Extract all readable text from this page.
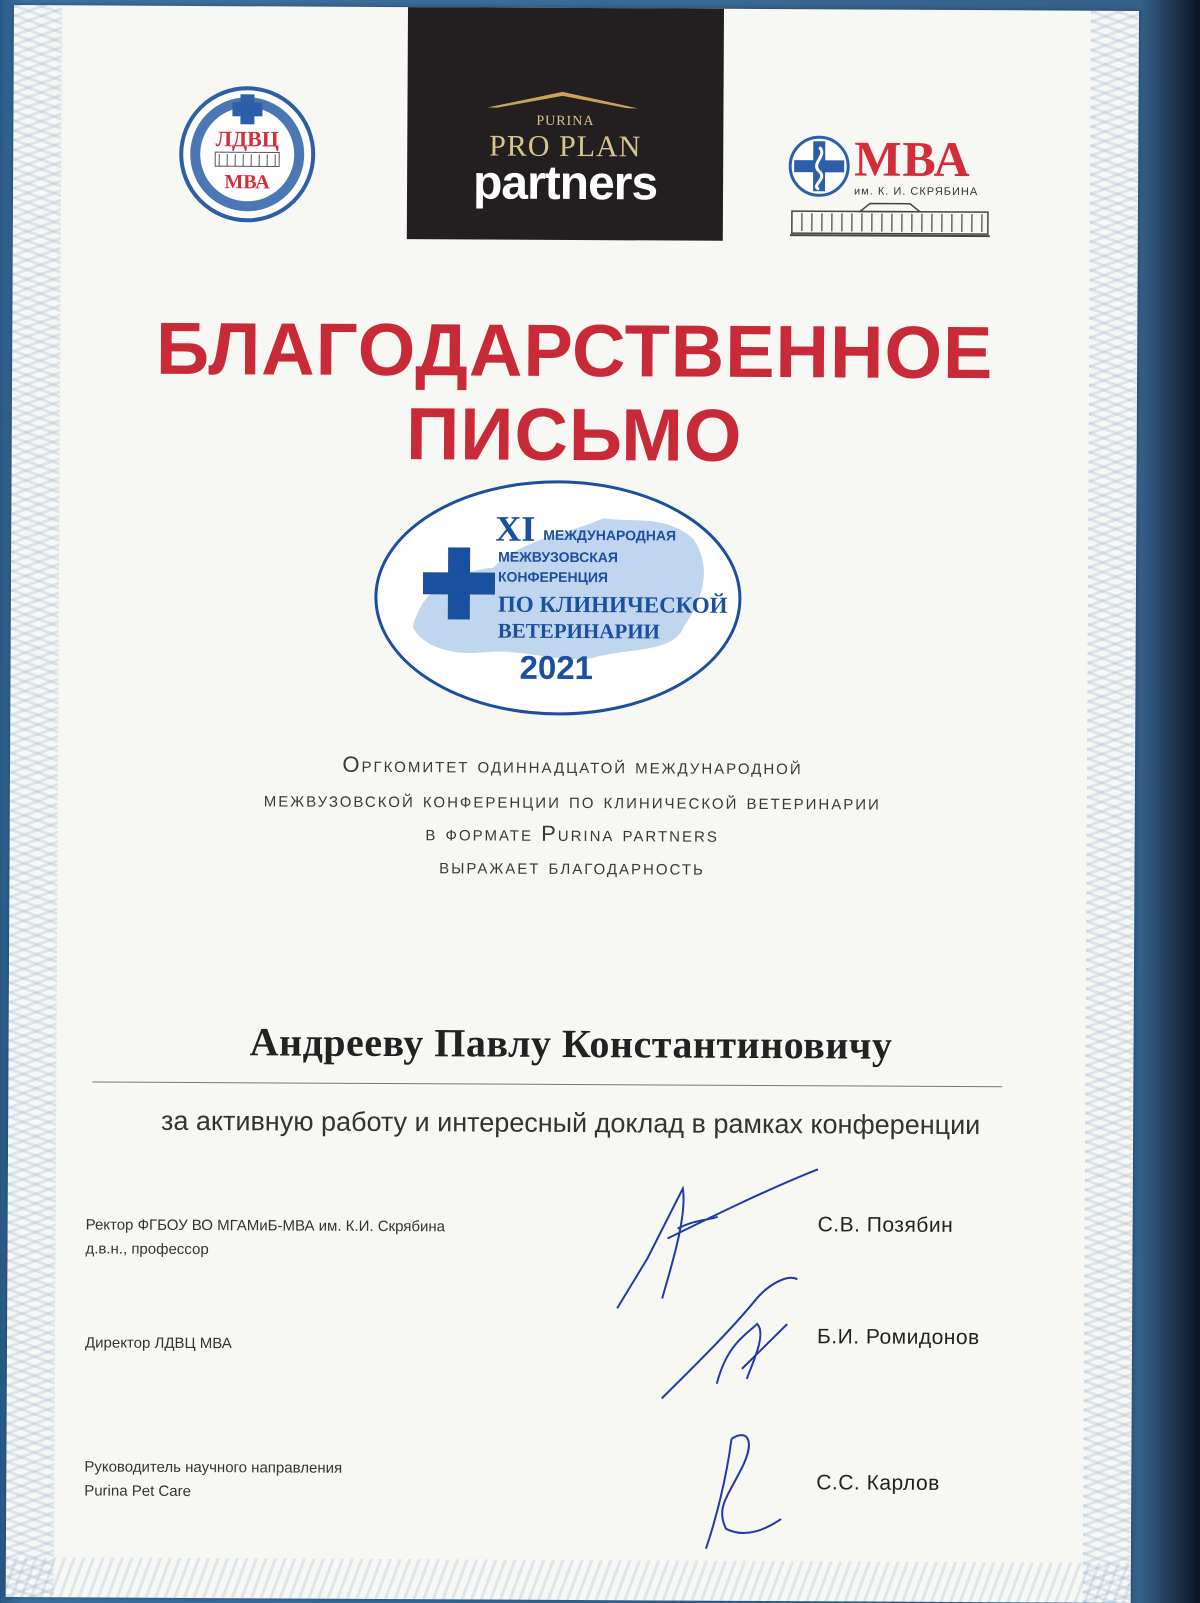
PURINA
PRO PLAN
partners
ЛДВЦ
МВА	МВА
им. К. И. СКРЯБИНА
БЛАГОДАРСТВЕННОЕ
ПИСЬМО
XI МЕЖДУНАРОДНАЯ
МЕЖВУЗОВСКАЯ
КОНФЕРЕНЦИЯ
ПО КЛИНИЧЕСКОЙ
ВЕТЕРИНАРИИ
2021
Оргкомитет одиннадцатой международной
межвузовской конференции по клинической ветеринарии
в формате Purina partners
выражает благодарность
Андрееву Павлу Константиновичу
за активную работу и интересный доклад в рамках конференции
Ректор ФГБОУ ВО МГАМиБ-МВА им. К.И. Скрябина
д.в.н., профессор
С.В. Позябин
Директор ЛДВЦ МВА	Б.И. Ромидонов
Руководитель научного направления
Purina Pet Care	С.С. Карлов
